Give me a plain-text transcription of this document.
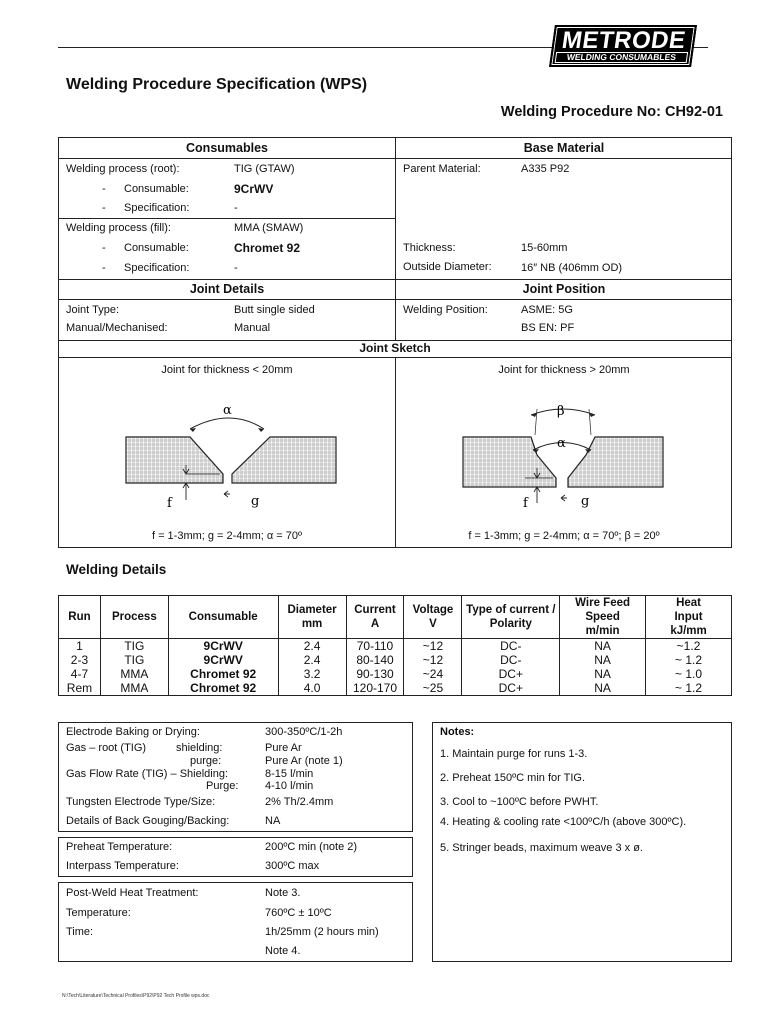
METRODE
WELDING CONSUMABLES
Welding Procedure Specification (WPS)
Welding Procedure No: CH92-01
Consumables	Base Material
Welding process (root):	TIG (GTAW)
- Consumable:	9CrWV
- Specification:	-
Welding process (fill):	MMA (SMAW)
- Consumable:	Chromet 92
- Specification:	-
Parent Material:	A335 P92
Thickness:	15-60mm
Outside Diameter:	16″ NB (406mm OD)
Joint Details	Joint Position
Joint Type:	Butt single sided
Manual/Mechanised:	Manual
Welding Position:	ASME: 5G
BS EN: PF
Joint Sketch
Joint for thickness < 20mm	Joint for thickness > 20mm
α
f	g
β
α
f	g
f = 1-3mm; g = 2-4mm; α = 70º	f = 1-3mm; g = 2-4mm; α = 70º; β = 20º
Welding Details
Run	Process	Consumable	Diameter mm	Current A	Voltage V	Type of current / Polarity	Wire Feed Speed m/min	Heat Input kJ/mm
1	TIG	9CrWV	2.4	70-110	~12	DC-	NA	~1.2
2-3	TIG	9CrWV	2.4	80-140	~12	DC-	NA	~ 1.2
4-7	MMA	Chromet 92	3.2	90-130	~24	DC+	NA	~ 1.0
Rem	MMA	Chromet 92	4.0	120-170	~25	DC+	NA	~ 1.2
Electrode Baking or Drying:	300-350ºC/1-2h
Gas – root (TIG)	shielding:	Pure Ar
purge:	Pure Ar (note 1)
Gas Flow Rate (TIG) – Shielding:	8-15 l/min
Purge: 4-10 l/min
Tungsten Electrode Type/Size:	2% Th/2.4mm
Details of Back Gouging/Backing:	NA
Preheat Temperature:	200ºC min (note 2)
Interpass Temperature:	300ºC max
Post-Weld Heat Treatment:	Note 3.
Temperature:	760ºC ± 10ºC
Time:	1h/25mm (2 hours min)
Note 4.
Notes:
1. Maintain purge for runs 1-3.
2. Preheat 150ºC min for TIG.
3. Cool to ~100ºC before PWHT.
4. Heating & cooling rate <100ºC/h (above 300ºC).
5. Stringer beads, maximum weave 3 x ø.
N:\Tech\Literature\Technical Profiles\P92\P92 Tech Profile wps.doc
